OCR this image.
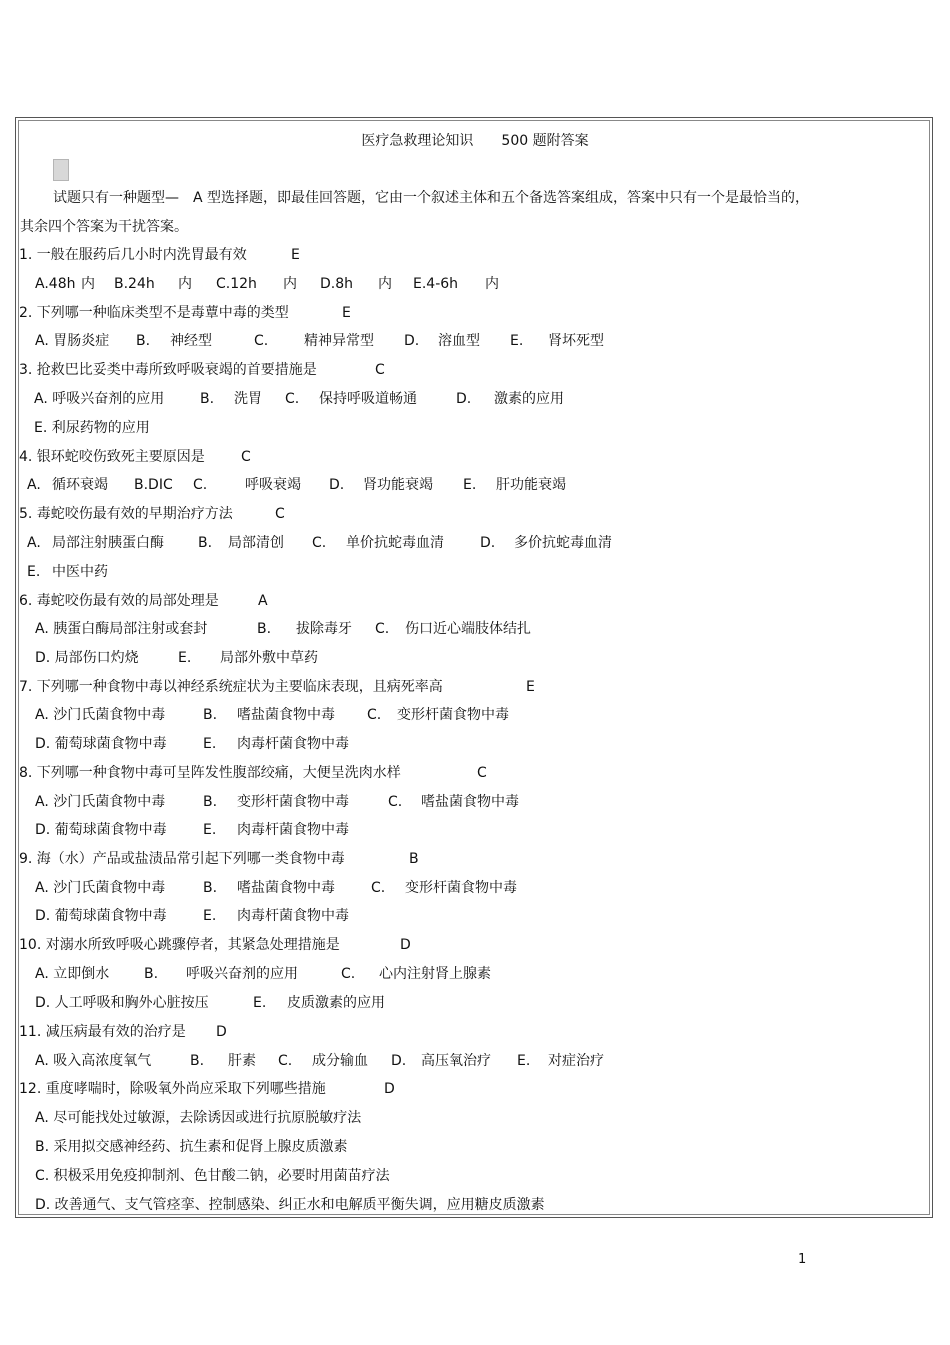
医疗急救理论知识　　500 题附答案
试题只有一种题型—　A 型选择题，即最佳回答题，它由一个叙述主体和五个备选答案组成，答案中只有一个是最恰当的，
其余四个答案为干扰答案。

1. 一般在服药后几小时内洗胃最有效

	E

A.48h

内

B.24h

内

C.12h

内

D.8h

内

E.4-6h

内

2. 下列哪一种临床类型不是毒蕈中毒的类型

	E

A. 胃肠炎症

B.

神经型

	C.

	精神异常型

D.

溶血型

E.

肾坏死型

3. 抢救巴比妥类中毒所致呼吸衰竭的首要措施是

	C

A. 呼吸兴奋剂的应用

	B.

洗胃

C.

保持呼吸道畅通

	D.

激素的应用

E. 利尿药物的应用

4. 银环蛇咬伤致死主要原因是

	C

A.

循环衰竭

B.DIC

C.

	呼吸衰竭

D.

肾功能衰竭

E.

肝功能衰竭

5. 毒蛇咬伤最有效的早期治疗方法

	C

A.

局部注射胰蛋白酶

B.

局部清创

C.

单价抗蛇毒血清

	D.

多价抗蛇毒血清

E.

中医中药

6. 毒蛇咬伤最有效的局部处理是

	A

A. 胰蛋白酶局部注射或套封

	B.

拔除毒牙

C.

伤口近心端肢体结扎

D. 局部伤口灼烧

	E.

局部外敷中草药

7. 下列哪一种食物中毒以神经系统症状为主要临床表现，且病死率高

	E

A. 沙门氏菌食物中毒

	B.

嗜盐菌食物中毒

C.

变形杆菌食物中毒

D. 葡萄球菌食物中毒

	E.

肉毒杆菌食物中毒

8. 下列哪一种食物中毒可呈阵发性腹部绞痛，大便呈洗肉水样

	C

A. 沙门氏菌食物中毒

	B.

变形杆菌食物中毒

	C.

嗜盐菌食物中毒

D. 葡萄球菌食物中毒

	E.

肉毒杆菌食物中毒

9. 海（水）产品或盐渍品常引起下列哪一类食物中毒

	B

A. 沙门氏菌食物中毒

	B.

嗜盐菌食物中毒

	C.

变形杆菌食物中毒

D. 葡萄球菌食物中毒

	E.

肉毒杆菌食物中毒

10. 对溺水所致呼吸心跳骤停者，其紧急处理措施是

	D

A. 立即倒水

B.

呼吸兴奋剂的应用

	C.

心内注射肾上腺素

D. 人工呼吸和胸外心脏按压

	E.

皮质激素的应用

11. 减压病最有效的治疗是

D

A. 吸入高浓度氧气

	B.

肝素

C.

成分输血

D.

高压氧治疗

E.

对症治疗

12. 重度哮喘时，除吸氧外尚应采取下列哪些措施

	D

A. 尽可能找处过敏源，去除诱因或进行抗原脱敏疗法
B. 采用拟交感神经药、抗生素和促肾上腺皮质激素
C. 积极采用免疫抑制剂、色甘酸二钠，必要时用菌苗疗法
D. 改善通气、支气管痉挛、控制感染、纠正水和电解质平衡失调，应用糖皮质激素
1
